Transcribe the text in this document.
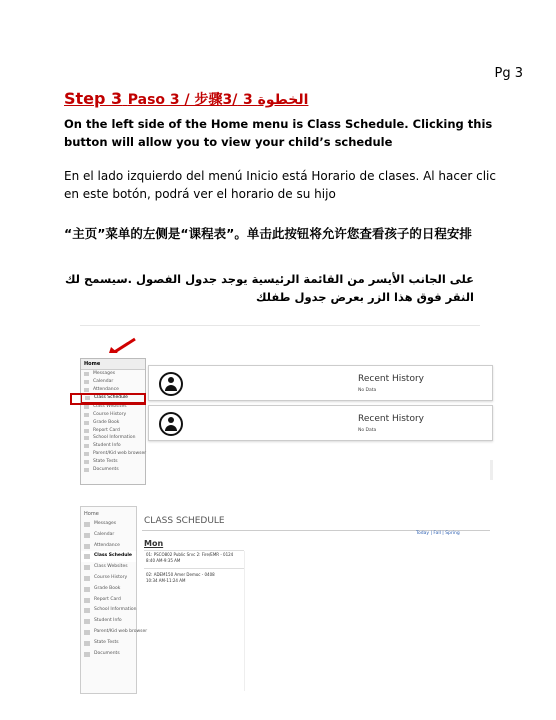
Pg 3
Step 3 Paso 3 / 步骤3/ 3 الخطوة
On the left side of the Home menu is Class Schedule. Clicking this button will allow you to view your child’s schedule
En el lado izquierdo del menú Inicio está Horario de clases. Al hacer clic en este botón, podrá ver el horario de su hijo
“主页”菜单的左侧是“课程表”。单击此按钮将允许您查看孩子的日程安排
على الجانب الأيسر من القائمة الرئيسية يوجد جدول الفصول .سيسمح لك النقر فوق هذا الزر بعرض جدول طفلك
Home
Messages
Calendar
Attendance
Class Schedule
Class Websites
Course History
Grade Book
Report Card
School Information
Student Info
Parent/Kid web browser
State Tests
Documents
Recent History
No Data
Recent History
No Data
Home
Messages
Calendar
Attendance
Class Schedule
Class Websites
Course History
Grade Book
Report Card
School Information
Student Info
Parent/Kid web browser
State Tests
Documents
CLASS SCHEDULE
Today | Fall | Spring
Mon
01: PSCO802 Public Srvc 2: Fire/EMR - 0124
8:40 AM-9:35 AM
02: ADEM150 Amer Democ - 0408
10:34 AM-11:24 AM
